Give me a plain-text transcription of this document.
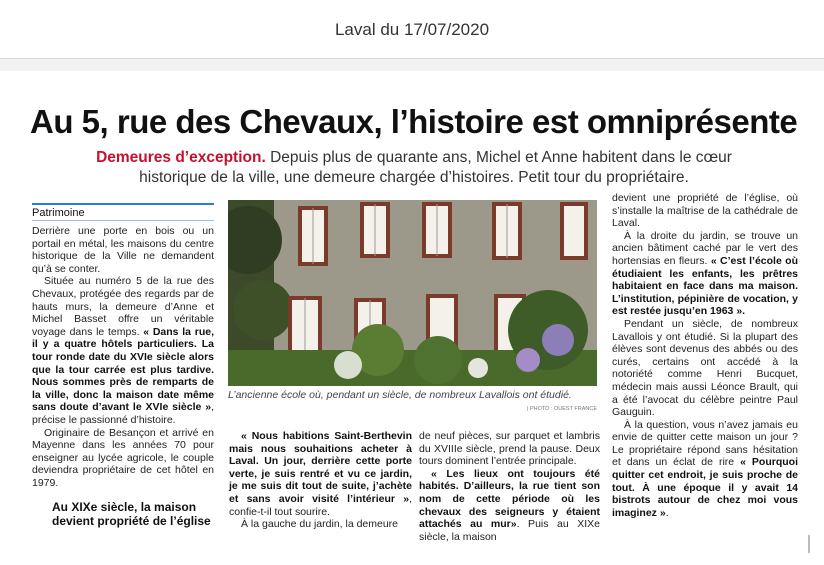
Laval du 17/07/2020
Au 5, rue des Chevaux, l’histoire est omniprésente
Demeures d’exception. Depuis plus de quarante ans, Michel et Anne habitent dans le cœur
historique de la ville, une demeure chargée d’histoires. Petit tour du propriétaire.
Patrimoine

Derrière une porte en bois ou un portail en métal, les maisons du centre historique de la Ville ne demandent qu’à se conter.

Située au numéro 5 de la rue des Chevaux, protégée des regards par de hauts murs, la demeure d’Anne et Michel Basset offre un véritable voyage dans le temps. « Dans la rue, il y a quatre hôtels particuliers. La tour ronde date du XVIe siècle alors que la tour carrée est plus tardive. Nous sommes près de remparts de la ville, donc la maison date même sans doute d’avant le XVIe siècle », précise le passionné d’histoire.

Originaire de Besançon et arrivé en Mayenne dans les années 70 pour enseigner au lycée agricole, le couple deviendra propriétaire de cet hôtel en 1979.

Au XIXe siècle, la maison devient propriété de l’église
L’ancienne école où, pendant un siècle, de nombreux Lavallois ont étudié.
| PHOTO : OUEST FRANCE

« Nous habitions Saint-Berthevin mais nous souhaitions acheter à Laval. Un jour, derrière cette porte verte, je suis rentré et vu ce jardin, je me suis dit tout de suite, j’achète et sans avoir visité l’intérieur », confie-t-il tout sourire.

À la gauche du jardin, la demeure

de neuf pièces, sur parquet et lambris du XVIIIe siècle, prend la pause. Deux tours dominent l’entrée principale.

« Les lieux ont toujours été habités. D’ailleurs, la rue tient son nom de cette période où les chevaux des seigneurs y étaient attachés au mur». Puis au XIXe siècle, la maison

devient une propriété de l’église, où s’installe la maîtrise de la cathédrale de Laval.

À la droite du jardin, se trouve un ancien bâtiment caché par le vert des hortensias en fleurs. « C’est l’école où étudiaient les enfants, les prêtres habitaient en face dans ma maison. L’institution, pépinière de vocation, y est restée jusqu’en 1963 ».

Pendant un siècle, de nombreux Lavallois y ont étudié. Si la plupart des élèves sont devenus des abbés ou des curés, certains ont accédé à la notoriété comme Henri Bucquet, médecin mais aussi Léonce Brault, qui a été l’avocat du célèbre peintre Paul Gauguin.

À la question, vous n’avez jamais eu envie de quitter cette maison un jour ? Le propriétaire répond sans hésitation et dans un éclat de rire « Pourquoi quitter cet endroit, je suis proche de tout. À une époque il y avait 14 bistrots autour de chez moi vous imaginez ».
